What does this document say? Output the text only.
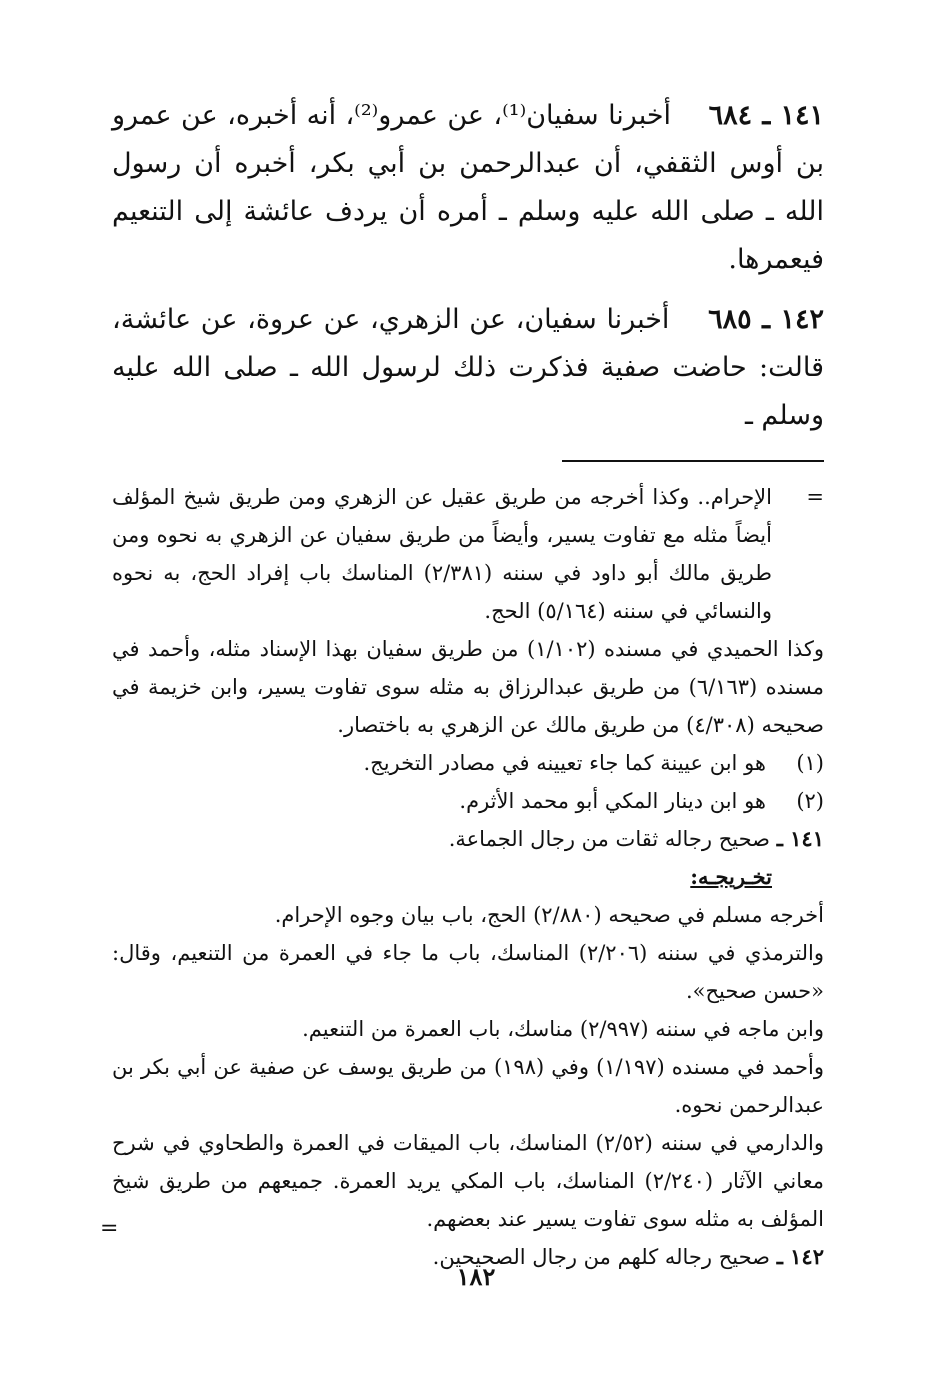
١٤١ ـ ٦٨٤    أخبرنا سفيان⁽¹⁾، عن عمرو⁽²⁾، أنه أخبره، عن عمرو بن أوس الثقفي، أن عبدالرحمن بن أبي بكر، أخبره أن رسول الله ـ صلى الله عليه وسلم ـ أمره أن يردف عائشة إلى التنعيم فيعمرها.

١٤٢ ـ ٦٨٥    أخبرنا سفيان، عن الزهري، عن عروة، عن عائشة، قالت: حاضت صفية فذكرت ذلك لرسول الله ـ صلى الله عليه وسلم ـ

=

الإحرام.. وكذا أخرجه من طريق عقيل عن الزهري ومن طريق شيخ المؤلف أيضاً مثله مع تفاوت يسير، وأيضاً من طريق سفيان عن الزهري به نحوه ومن طريق مالك أبو داود في سننه (٢/٣٨١) المناسك باب إفراد الحج، به نحوه والنسائي في سننه (٥/١٦٤) الحج.

وكذا الحميدي في مسنده (١/١٠٢) من طريق سفيان بهذا الإسناد مثله، وأحمد في مسنده (٦/١٦٣) من طريق عبدالرزاق به مثله سوى تفاوت يسير، وابن خزيمة في صحيحه (٤/٣٠٨) من طريق مالك عن الزهري به باختصار.

(١)
هو ابن عيينة كما جاء تعيينه في مصادر التخريج.
(٢)
هو ابن دينار المكي أبو محمد الأثرم.
١٤١ ـ صحيح رجاله ثقات من رجال الجماعة.
تخـريجـه:

أخرجه مسلم في صحيحه (٢/٨٨٠) الحج، باب بيان وجوه الإحرام.

والترمذي في سننه (٢/٢٠٦) المناسك، باب ما جاء في العمرة من التنعيم، وقال: «حسن صحيح».

وابن ماجه في سننه (٢/٩٩٧) مناسك، باب العمرة من التنعيم.

وأحمد في مسنده (١/١٩٧) وفي (١٩٨) من طريق يوسف عن صفية عن أبي بكر بن عبدالرحمن نحوه.

والدارمي في سننه (٢/٥٢) المناسك، باب الميقات في العمرة والطحاوي في شرح معاني الآثار (٢/٢٤٠) المناسك، باب المكي يريد العمرة. جميعهم من طريق شيخ المؤلف به مثله سوى تفاوت يسير عند بعضهم.

١٤٢ ـ صحيح رجاله كلهم من رجال الصحيحين.
=
١٨٢
